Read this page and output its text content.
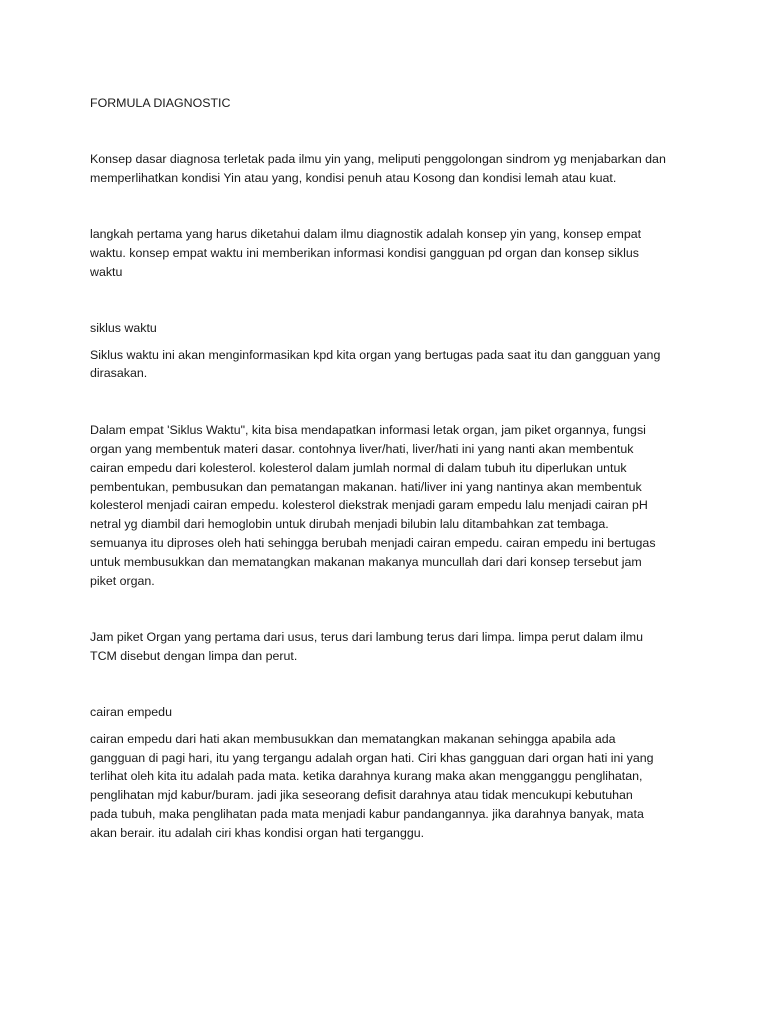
FORMULA DIAGNOSTIC

Konsep dasar diagnosa terletak pada ilmu yin yang, meliputi penggolongan sindrom yg menjabarkan dan
memperlihatkan kondisi Yin atau yang, kondisi penuh atau Kosong dan kondisi lemah atau kuat.

langkah pertama yang harus diketahui dalam ilmu diagnostik adalah konsep yin yang, konsep empat
waktu. konsep empat waktu ini memberikan informasi kondisi gangguan pd organ dan konsep siklus
waktu

siklus waktu

Siklus waktu ini akan menginformasikan kpd kita organ yang bertugas pada saat itu dan gangguan yang
dirasakan.

Dalam empat 'Siklus Waktu", kita bisa mendapatkan informasi letak organ, jam piket organnya, fungsi
organ yang membentuk materi dasar. contohnya liver/hati, liver/hati ini yang nanti akan membentuk
cairan empedu dari kolesterol. kolesterol dalam jumlah normal di dalam tubuh itu diperlukan untuk
pembentukan, pembusukan dan pematangan makanan. hati/liver ini yang nantinya akan membentuk
kolesterol menjadi cairan empedu. kolesterol diekstrak menjadi garam empedu lalu menjadi cairan pH
netral yg diambil dari hemoglobin untuk dirubah menjadi bilubin lalu ditambahkan zat tembaga.
semuanya itu diproses oleh hati sehingga berubah menjadi cairan empedu. cairan empedu ini bertugas
untuk membusukkan dan mematangkan makanan makanya muncullah dari dari konsep tersebut jam
piket organ.

Jam piket Organ yang pertama dari usus, terus dari lambung terus dari limpa. limpa perut dalam ilmu
TCM disebut dengan limpa dan perut.

cairan empedu

cairan empedu dari hati akan membusukkan dan mematangkan makanan sehingga apabila ada
gangguan di pagi hari, itu yang tergangu adalah organ hati. Ciri khas gangguan dari organ hati ini yang
terlihat oleh kita itu adalah pada mata. ketika darahnya kurang maka akan mengganggu penglihatan,
penglihatan mjd kabur/buram. jadi jika seseorang defisit darahnya atau tidak mencukupi kebutuhan
pada tubuh, maka penglihatan pada mata menjadi kabur pandangannya. jika darahnya banyak, mata
akan berair. itu adalah ciri khas kondisi organ hati terganggu.
